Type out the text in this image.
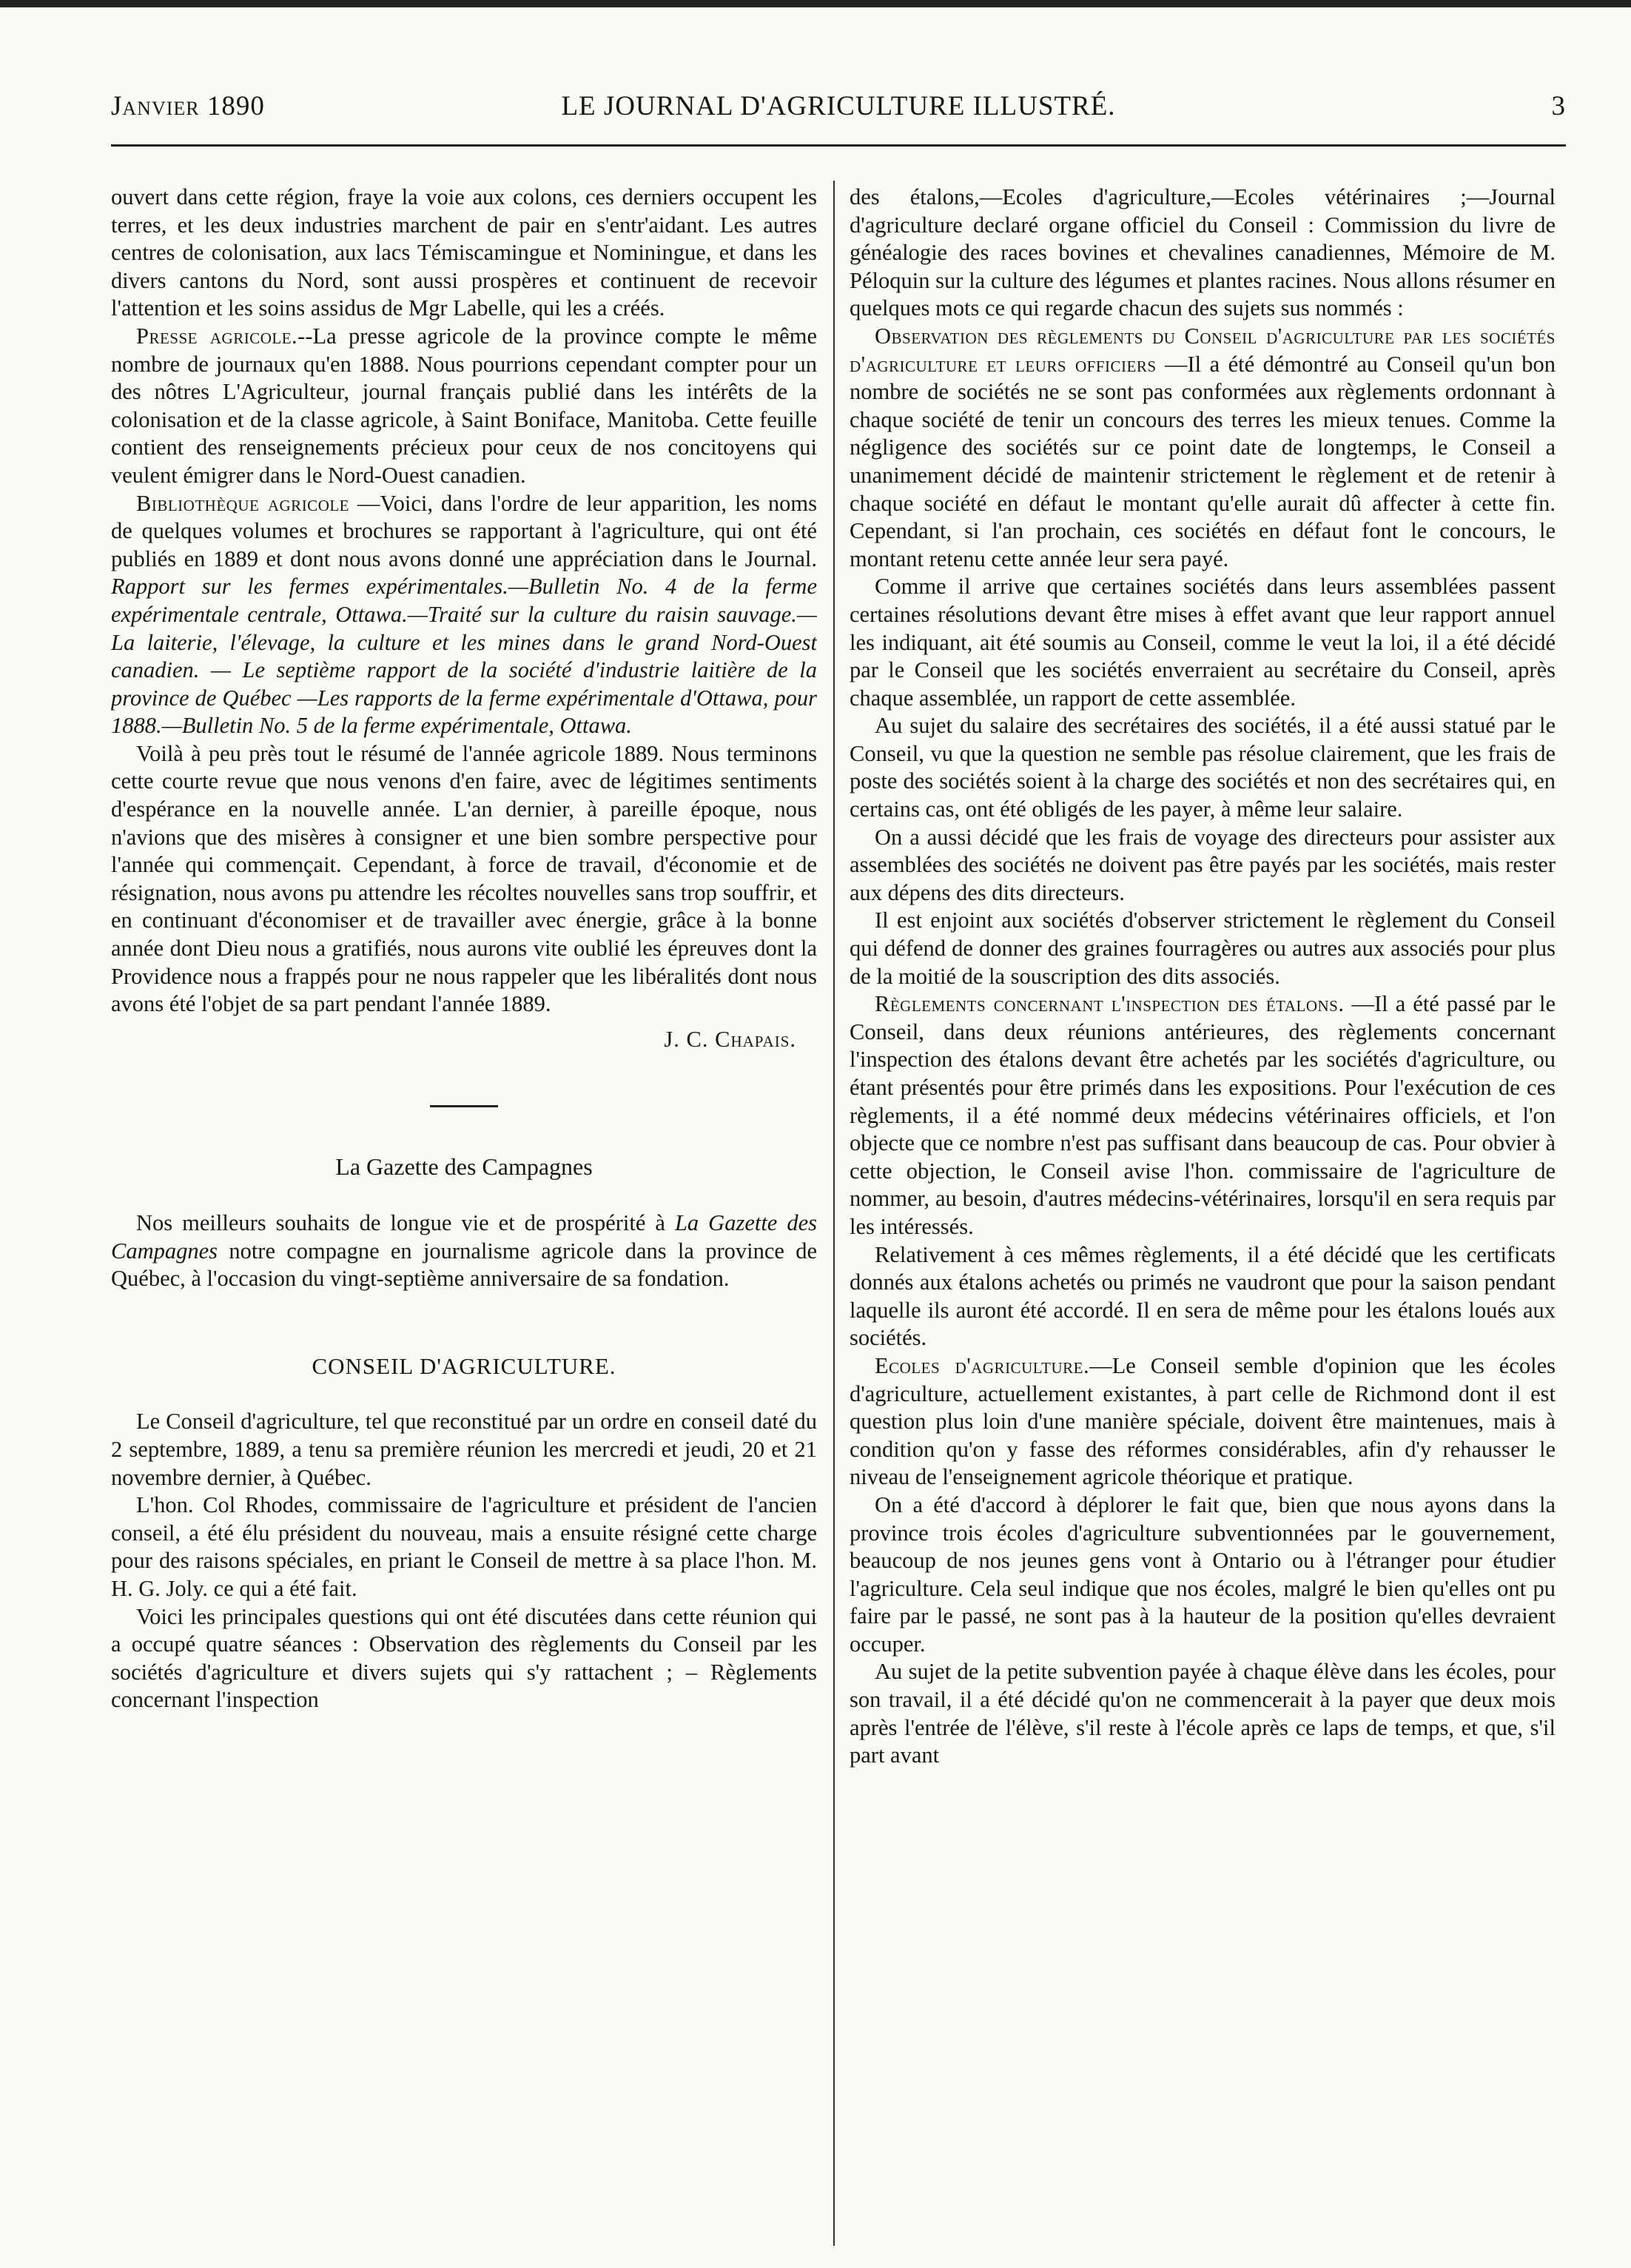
Janvier 1890	LE JOURNAL D'AGRICULTURE ILLUSTRÉ.	3

ouvert dans cette région, fraye la voie aux colons, ces derniers occupent les terres, et les deux industries marchent de pair en s'entr'aidant. Les autres centres de colonisation, aux lacs Témiscamingue et Nominingue, et dans les divers cantons du Nord, sont aussi prospères et continuent de recevoir l'attention et les soins assidus de Mgr Labelle, qui les a créés.

Presse agricole.--La presse agricole de la province compte le même nombre de journaux qu'en 1888. Nous pourrions cependant compter pour un des nôtres L'Agriculteur, journal français publié dans les intérêts de la colonisation et de la classe agricole, à Saint Boniface, Manitoba. Cette feuille contient des renseignements précieux pour ceux de nos concitoyens qui veulent émigrer dans le Nord-Ouest canadien.

Bibliothèque agricole —Voici, dans l'ordre de leur apparition, les noms de quelques volumes et brochures se rapportant à l'agriculture, qui ont été publiés en 1889 et dont nous avons donné une appréciation dans le Journal. Rapport sur les fermes expérimentales.—Bulletin No. 4 de la ferme expérimentale centrale, Ottawa.—Traité sur la culture du raisin sauvage.—La laiterie, l'élevage, la culture et les mines dans le grand Nord-Ouest canadien. — Le septième rapport de la société d'industrie laitière de la province de Québec —Les rapports de la ferme expérimentale d'Ottawa, pour 1888.—Bulletin No. 5 de la ferme expérimentale, Ottawa.

Voilà à peu près tout le résumé de l'année agricole 1889. Nous terminons cette courte revue que nous venons d'en faire, avec de légitimes sentiments d'espérance en la nouvelle année. L'an dernier, à pareille époque, nous n'avions que des misères à consigner et une bien sombre perspective pour l'année qui commençait. Cependant, à force de travail, d'économie et de résignation, nous avons pu attendre les récoltes nouvelles sans trop souffrir, et en continuant d'économiser et de travailler avec énergie, grâce à la bonne année dont Dieu nous a gratifiés, nous aurons vite oublié les épreuves dont la Providence nous a frappés pour ne nous rappeler que les libéralités dont nous avons été l'objet de sa part pendant l'année 1889.

J. C. Chapais.
La Gazette des Campagnes

Nos meilleurs souhaits de longue vie et de prospérité à La Gazette des Campagnes notre compagne en journalisme agricole dans la province de Québec, à l'occasion du vingt-septième anniversaire de sa fondation.

CONSEIL D'AGRICULTURE.

Le Conseil d'agriculture, tel que reconstitué par un ordre en conseil daté du 2 septembre, 1889, a tenu sa première réunion les mercredi et jeudi, 20 et 21 novembre dernier, à Québec.

L'hon. Col Rhodes, commissaire de l'agriculture et président de l'ancien conseil, a été élu président du nouveau, mais a ensuite résigné cette charge pour des raisons spéciales, en priant le Conseil de mettre à sa place l'hon. M. H. G. Joly. ce qui a été fait.

Voici les principales questions qui ont été discutées dans cette réunion qui a occupé quatre séances : Observation des règlements du Conseil par les sociétés d'agriculture et divers sujets qui s'y rattachent ; – Règlements concernant l'inspection

des étalons,—Ecoles d'agriculture,—Ecoles vétérinaires ;—Journal d'agriculture declaré organe officiel du Conseil : Commission du livre de généalogie des races bovines et chevalines canadiennes, Mémoire de M. Péloquin sur la culture des légumes et plantes racines. Nous allons résumer en quelques mots ce qui regarde chacun des sujets sus nommés :

Observation des règlements du Conseil d'agriculture par les sociétés d'agriculture et leurs officiers —Il a été démontré au Conseil qu'un bon nombre de sociétés ne se sont pas conformées aux règlements ordonnant à chaque société de tenir un concours des terres les mieux tenues. Comme la négligence des sociétés sur ce point date de longtemps, le Conseil a unanimement décidé de maintenir strictement le règlement et de retenir à chaque société en défaut le montant qu'elle aurait dû affecter à cette fin. Cependant, si l'an prochain, ces sociétés en défaut font le concours, le montant retenu cette année leur sera payé.

Comme il arrive que certaines sociétés dans leurs assemblées passent certaines résolutions devant être mises à effet avant que leur rapport annuel les indiquant, ait été soumis au Conseil, comme le veut la loi, il a été décidé par le Conseil que les sociétés enverraient au secrétaire du Conseil, après chaque assemblée, un rapport de cette assemblée.

Au sujet du salaire des secrétaires des sociétés, il a été aussi statué par le Conseil, vu que la question ne semble pas résolue clairement, que les frais de poste des sociétés soient à la charge des sociétés et non des secrétaires qui, en certains cas, ont été obligés de les payer, à même leur salaire.

On a aussi décidé que les frais de voyage des directeurs pour assister aux assemblées des sociétés ne doivent pas être payés par les sociétés, mais rester aux dépens des dits directeurs.

Il est enjoint aux sociétés d'observer strictement le règlement du Conseil qui défend de donner des graines fourragères ou autres aux associés pour plus de la moitié de la souscription des dits associés.

Règlements concernant l'inspection des étalons. —Il a été passé par le Conseil, dans deux réunions antérieures, des règlements concernant l'inspection des étalons devant être achetés par les sociétés d'agriculture, ou étant présentés pour être primés dans les expositions. Pour l'exécution de ces règlements, il a été nommé deux médecins vétérinaires officiels, et l'on objecte que ce nombre n'est pas suffisant dans beaucoup de cas. Pour obvier à cette objection, le Conseil avise l'hon. commissaire de l'agriculture de nommer, au besoin, d'autres médecins-vétérinaires, lorsqu'il en sera requis par les intéressés.

Relativement à ces mêmes règlements, il a été décidé que les certificats donnés aux étalons achetés ou primés ne vaudront que pour la saison pendant laquelle ils auront été accordé. Il en sera de même pour les étalons loués aux sociétés.

Ecoles d'agriculture.—Le Conseil semble d'opinion que les écoles d'agriculture, actuellement existantes, à part celle de Richmond dont il est question plus loin d'une manière spéciale, doivent être maintenues, mais à condition qu'on y fasse des réformes considérables, afin d'y rehausser le niveau de l'enseignement agricole théorique et pratique.

On a été d'accord à déplorer le fait que, bien que nous ayons dans la province trois écoles d'agriculture subventionnées par le gouvernement, beaucoup de nos jeunes gens vont à Ontario ou à l'étranger pour étudier l'agriculture. Cela seul indique que nos écoles, malgré le bien qu'elles ont pu faire par le passé, ne sont pas à la hauteur de la position qu'elles devraient occuper.

Au sujet de la petite subvention payée à chaque élève dans les écoles, pour son travail, il a été décidé qu'on ne commencerait à la payer que deux mois après l'entrée de l'élève, s'il reste à l'école après ce laps de temps, et que, s'il part avant
